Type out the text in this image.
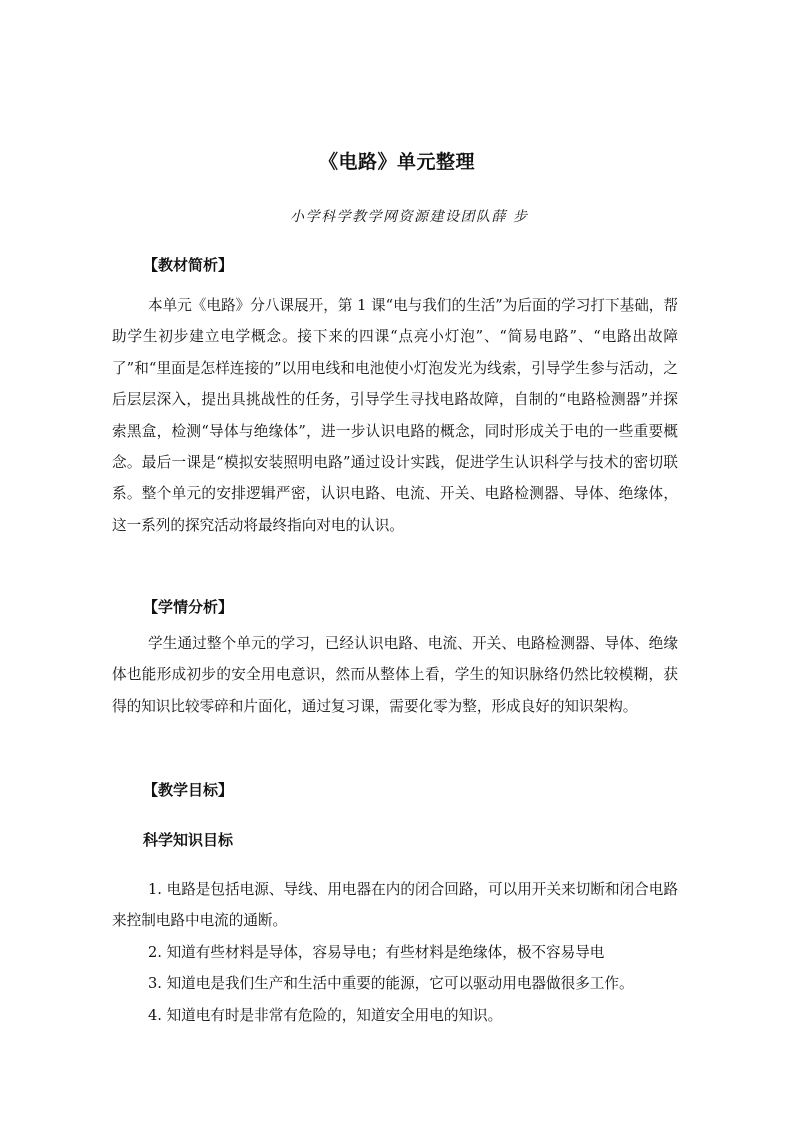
《电路》单元整理
小学科学教学网资源建设团队薛 步
【教材简析】

本单元《电路》分八课展开，第 1 课“电与我们的生活”为后面的学习打下基础，帮助学生初步建立电学概念。接下来的四课“点亮小灯泡”、“简易电路”、“电路出故障了”和“里面是怎样连接的”以用电线和电池使小灯泡发光为线索，引导学生参与活动，之后层层深入，提出具挑战性的任务，引导学生寻找电路故障，自制的“电路检测器”并探索黑盒，检测“导体与绝缘体”，进一步认识电路的概念，同时形成关于电的一些重要概念。最后一课是“模拟安装照明电路”通过设计实践，促进学生认识科学与技术的密切联系。整个单元的安排逻辑严密，认识电路、电流、开关、电路检测器、导体、绝缘体，这一系列的探究活动将最终指向对电的认识。

【学情分析】

学生通过整个单元的学习，已经认识电路、电流、开关、电路检测器、导体、绝缘体也能形成初步的安全用电意识，然而从整体上看，学生的知识脉络仍然比较模糊，获得的知识比较零碎和片面化，通过复习课，需要化零为整，形成良好的知识架构。

【教学目标】
科学知识目标
1. 电路是包括电源、导线、用电器在内的闭合回路，可以用开关来切断和闭合电路来控制电路中电流的通断。
2. 知道有些材料是导体，容易导电；有些材料是绝缘体，极不容易导电
3. 知道电是我们生产和生活中重要的能源，它可以驱动用电器做很多工作。
4. 知道电有时是非常有危险的，知道安全用电的知识。
